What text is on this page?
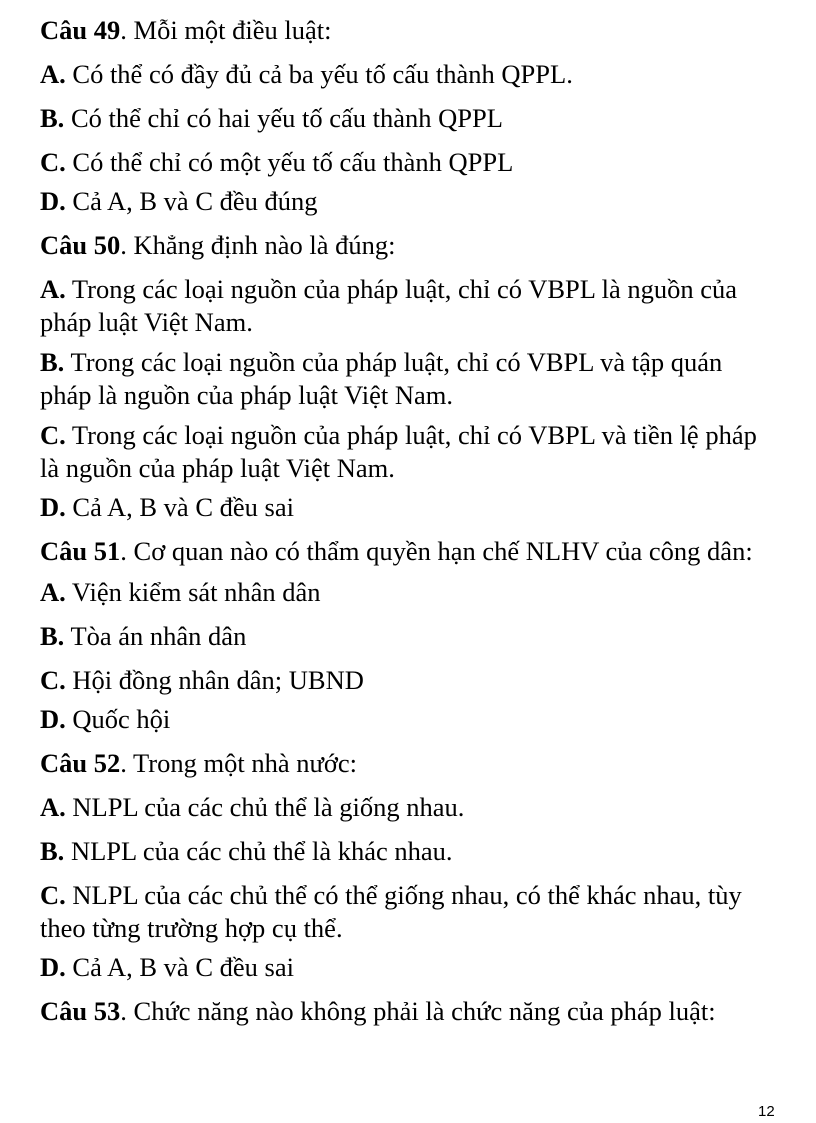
Câu 49. Mỗi một điều luật:

A. Có thể có đầy đủ cả ba yếu tố cấu thành QPPL.

B. Có thể chỉ có hai yếu tố cấu thành QPPL

C. Có thể chỉ có một yếu tố cấu thành QPPL

D. Cả A, B và C đều đúng

Câu 50. Khẳng định nào là đúng:

A. Trong các loại nguồn của pháp luật, chỉ có VBPL là nguồn của pháp luật Việt Nam.

B. Trong các loại nguồn của pháp luật, chỉ có VBPL và tập quán pháp là nguồn của pháp luật Việt Nam.

C. Trong các loại nguồn của pháp luật, chỉ có VBPL và tiền lệ pháp là nguồn của pháp luật Việt Nam.

D. Cả A, B và C đều sai

Câu 51. Cơ quan nào có thẩm quyền hạn chế NLHV của công dân:

A. Viện kiểm sát nhân dân

B. Tòa án nhân dân

C. Hội đồng nhân dân; UBND

D. Quốc hội

Câu 52. Trong một nhà nước:

A. NLPL của các chủ thể là giống nhau.

B. NLPL của các chủ thể là khác nhau.

C. NLPL của các chủ thể có thể giống nhau, có thể khác nhau, tùy theo từng trường hợp cụ thể.

D. Cả A, B và C đều sai

Câu 53. Chức năng nào không phải là chức năng của pháp luật:

12
